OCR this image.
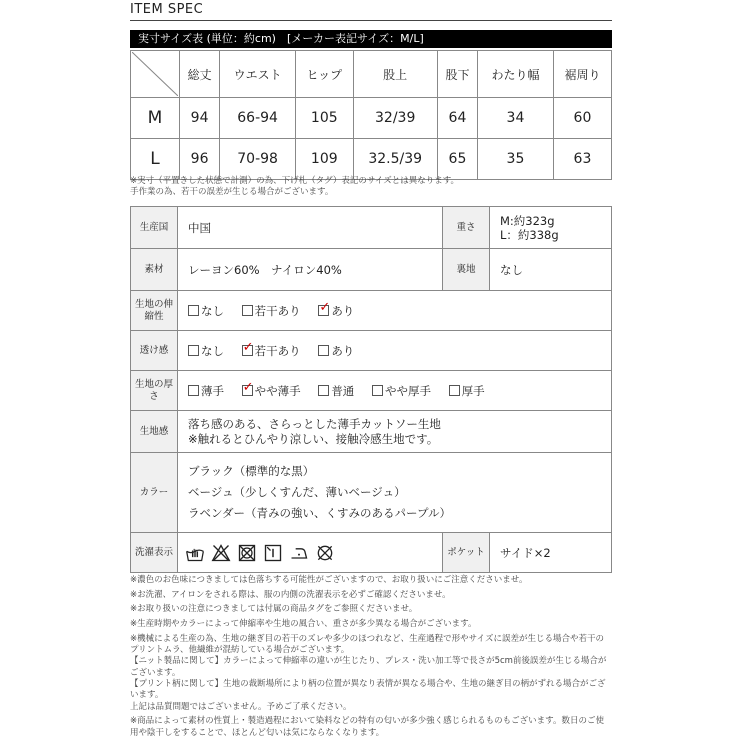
ITEM SPEC
実寸サイズ表 (単位：約cm)　[メーカー表記サイズ：M/L]
	総丈	ウエスト	ヒップ	股上	股下	わたり幅	裾周り
M	94	66-94	105	32/39	64	34	60
L	96	70-98	109	32.5/39	65	35	63
※実寸（平置きした状態で計測）の為、下げ札（タグ）表記のサイズとは異なります。
手作業の為、若干の誤差が生じる場合がございます。
生産国	中国	重さ	M:約323g
L：約338g

素材	レーヨン60%　ナイロン40%	裏地	なし
生地の伸縮性	なし 若干あり ✓ あり
透け感	なし ✓ 若干あり あり
生地の厚さ	薄手 ✓ やや薄手 普通 やや厚手 厚手
生地感	落ち感のある、さらっとした薄手カットソー生地
※触れるとひんやり涼しい、接触冷感生地です。		

カラー	ブラック（標準的な黒）
ベージュ（少しくすんだ、薄いベージュ）
ラベンダー（青みの強い、くすみのあるパープル）		

洗濯表示		ポケット	サイド×2

※濃色のお色味につきましては色落ちする可能性がございますので、お取り扱いにご注意くださいませ。

※お洗濯、アイロンをされる際は、服の内側の洗濯表示を必ずご確認くださいませ。

※お取り扱いの注意につきましては付属の商品タグをご参照くださいませ。

※生産時期やカラーによって伸縮率や生地の風合い、重さが多少異なる場合がございます。

※機械による生産の為、生地の継ぎ目の若干のズレや多少のほつれなど、生産過程で形やサイズに誤差が生じる場合や若干のプリントムラ、他繊維が混紡している場合がございます。
【ニット製品に関して】カラーによって伸縮率の違いが生じたり、プレス・洗い加工等で長さが5cm前後誤差が生じる場合がございます。
【プリント柄に関して】生地の裁断場所により柄の位置が異なり表情が異なる場合や、生地の継ぎ目の柄がずれる場合がございます。
上記は品質問題ではございません。予めご了承ください。

※商品によって素材の性質上・製造過程において染料などの特有の匂いが多少強く感じられるものもございます。数日のご使用や陰干しをすることで、ほとんど匂いは気にならなくなります。
